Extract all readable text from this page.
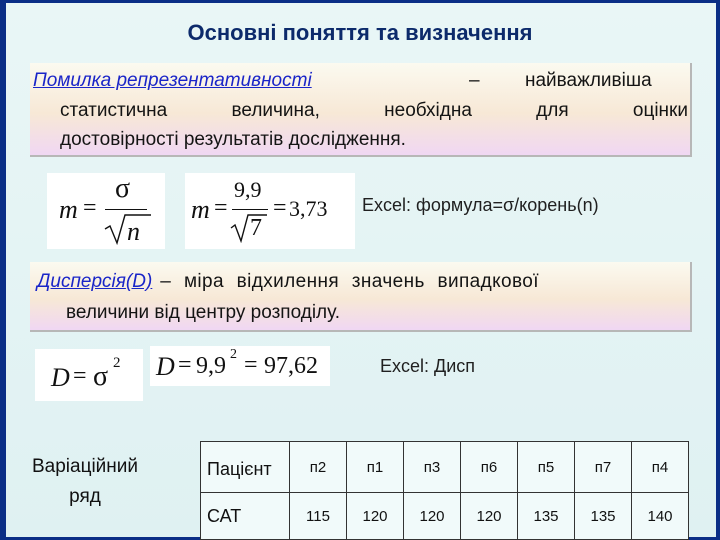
Основні поняття та визначення
Помилка репрезентативності	– найважливіша
статистична	величина,	необхідна	для	оцінки
достовірності результатів дослідження.
m =
σ
n
m =
9,9
7
= 3,73 Excel: формула=σ/корень(n)
Дисперсія (D) – міра відхилення значень випадкової
величини від центру розподілу.
D = σ 2 D = 9,9 2 = 97,62	Excel: Дисп
Варіаційний
ряд
Пацієнт	п2	п1	п3	п6	п5	п7	п4
САТ	115	120	120	120	135	135	140
